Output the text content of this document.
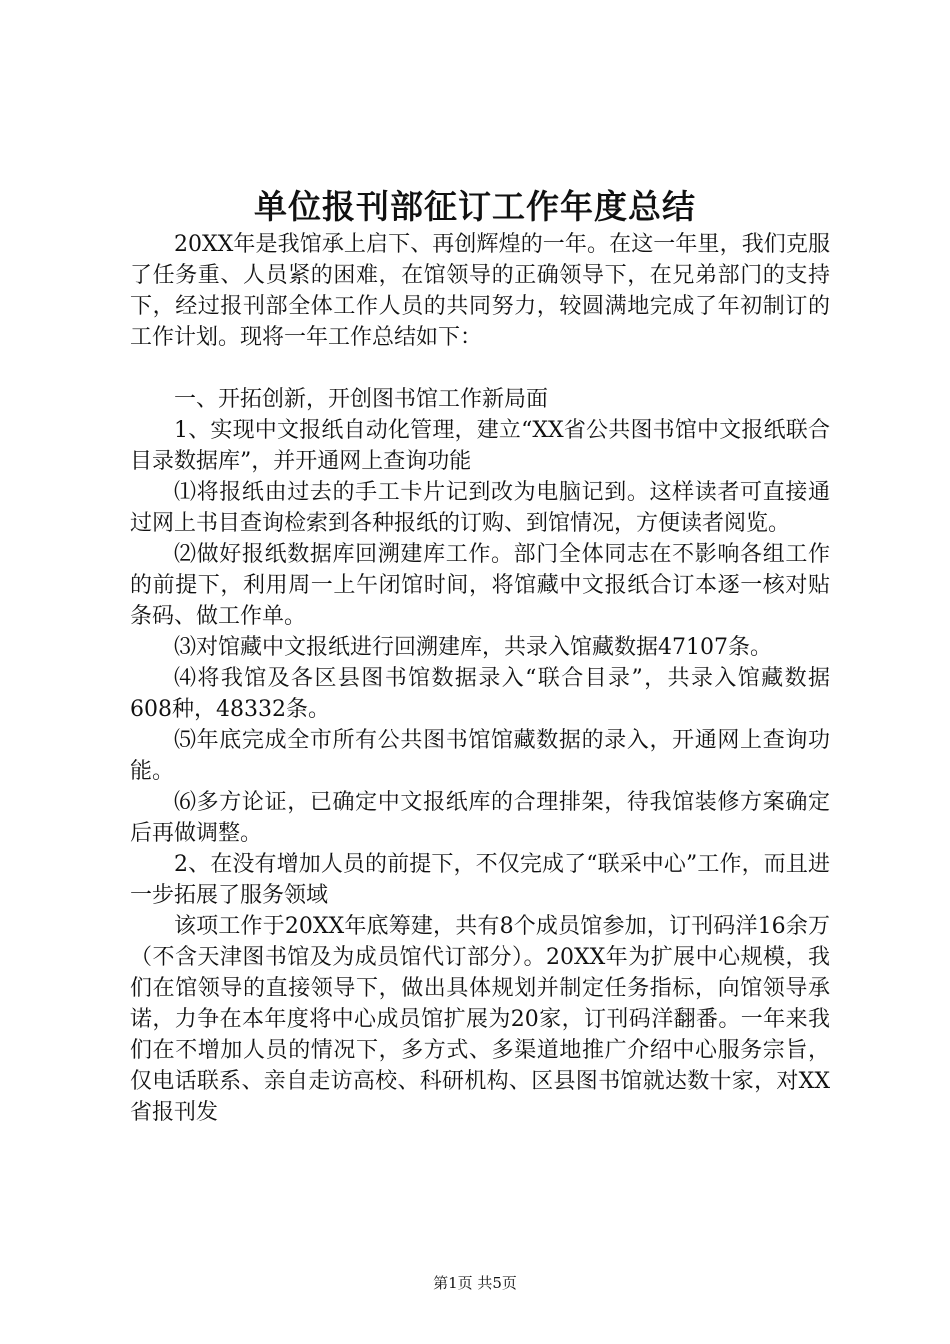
单位报刊部征订工作年度总结

20XX年是我馆承上启下、再创辉煌的一年。在这一年里，我们克服了任务重、人员紧的困难，在馆领导的正确领导下，在兄弟部门的支持下，经过报刊部全体工作人员的共同努力，较圆满地完成了年初制订的工作计划。现将一年工作总结如下：

一、开拓创新，开创图书馆工作新局面

1、实现中文报纸自动化管理，建立“XX省公共图书馆中文报纸联合目录数据库”，并开通网上查询功能

⑴将报纸由过去的手工卡片记到改为电脑记到。这样读者可直接通过网上书目查询检索到各种报纸的订购、到馆情况，方便读者阅览。

⑵做好报纸数据库回溯建库工作。部门全体同志在不影响各组工作的前提下，利用周一上午闭馆时间，将馆藏中文报纸合订本逐一核对贴条码、做工作单。

⑶对馆藏中文报纸进行回溯建库，共录入馆藏数据47107条。

⑷将我馆及各区县图书馆数据录入“联合目录”，共录入馆藏数据608种，48332条。

⑸年底完成全市所有公共图书馆馆藏数据的录入，开通网上查询功能。

⑹多方论证，已确定中文报纸库的合理排架，待我馆装修方案确定后再做调整。

2、在没有增加人员的前提下，不仅完成了“联采中心”工作，而且进一步拓展了服务领域

该项工作于20XX年底筹建，共有8个成员馆参加，订刊码洋16余万（不含天津图书馆及为成员馆代订部分）。20XX年为扩展中心规模，我们在馆领导的直接领导下，做出具体规划并制定任务指标，向馆领导承诺，力争在本年度将中心成员馆扩展为20家，订刊码洋翻番。一年来我们在不增加人员的情况下，多方式、多渠道地推广介绍中心服务宗旨，仅电话联系、亲自走访高校、科研机构、区县图书馆就达数十家，对XX省报刊发

第1页 共5页
